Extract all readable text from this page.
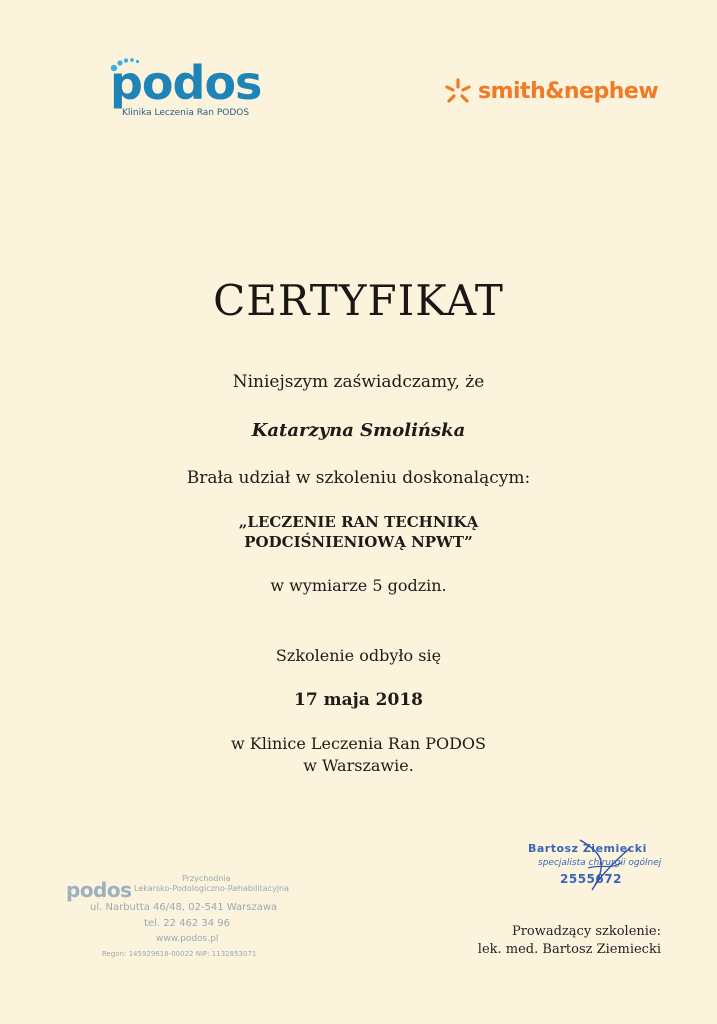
podos
Klinika Leczenia Ran PODOS
smith&nephew
CERTYFIKAT
Niniejszym zaświadczamy, że
Katarzyna Smolińska
Brała udział w szkoleniu doskonalącym:
„LECZENIE RAN TECHNIKĄ
PODCIŚNIENIOWĄ NPWT”
w wymiarze 5 godzin.
Szkolenie odbyło się
17 maja 2018
w Klinice Leczenia Ran PODOS
w Warszawie.
podos	Przychodnia
Lekarsko-Podologiczno-Rehabilitacyjna
ul. Narbutta 46/48, 02-541 Warszawa
tel. 22 462 34 96
www.podos.pl
Regon: 145929618-00022 NIP: 1132853071
Bartosz Ziemiecki
specjalista chirurgii ogólnej
2555672
Prowadzący szkolenie:
lek. med. Bartosz Ziemiecki
